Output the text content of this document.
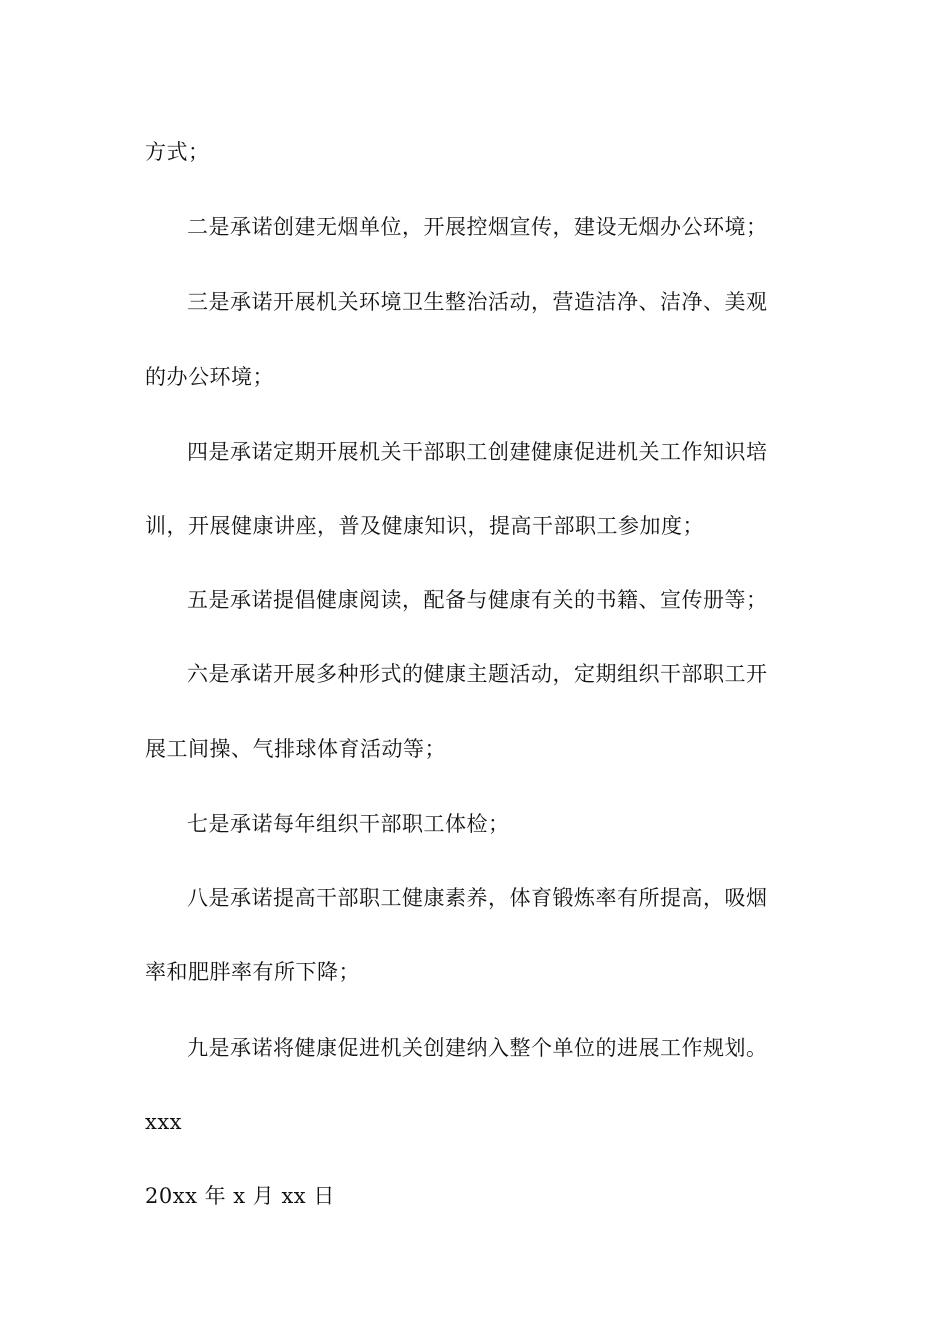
方式；
二是承诺创建无烟单位，开展控烟宣传，建设无烟办公环境；
三是承诺开展机关环境卫生整治活动，营造洁净、洁净、美观
的办公环境；
四是承诺定期开展机关干部职工创建健康促进机关工作知识培
训，开展健康讲座，普及健康知识，提高干部职工参加度；
五是承诺提倡健康阅读，配备与健康有关的书籍、宣传册等；
六是承诺开展多种形式的健康主题活动，定期组织干部职工开
展工间操、气排球体育活动等；
七是承诺每年组织干部职工体检；
八是承诺提高干部职工健康素养，体育锻炼率有所提高，吸烟
率和肥胖率有所下降；
九是承诺将健康促进机关创建纳入整个单位的进展工作规划。
xxx
20xx 年 x 月 xx 日
